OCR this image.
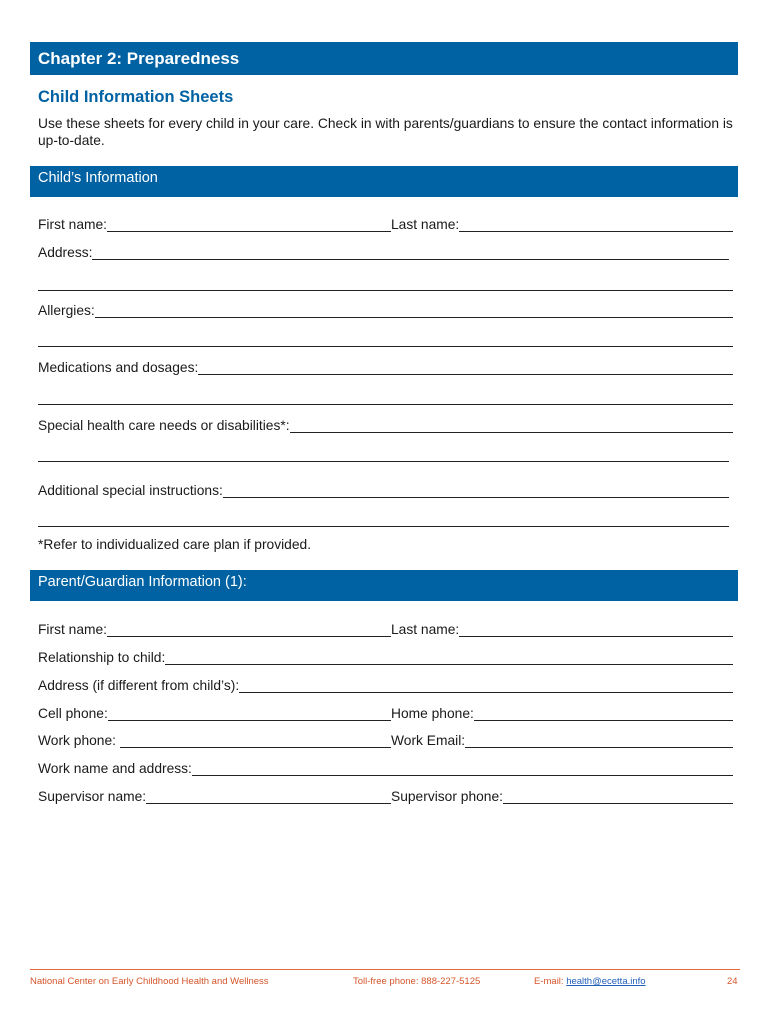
Chapter 2: Preparedness
Child Information Sheets
Use these sheets for every child in your care. Check in with parents/guardians to ensure the contact information is up-to-date.
Child’s Information
First name:	Last name:
Address:
Allergies:
Medications and dosages:
Special health care needs or disabilities*:
Additional special instructions:
*Refer to individualized care plan if provided.
Parent/Guardian Information (1):
First name:	Last name:
Relationship to child:
Address (if different from child’s):
Cell phone:	Home phone:
Work phone:	Work Email:
Work name and address:
Supervisor name:	Supervisor phone:
National Center on Early Childhood Health and Wellness	Toll-free phone: 888-227-5125	E-mail: health@ecetta.info	24
